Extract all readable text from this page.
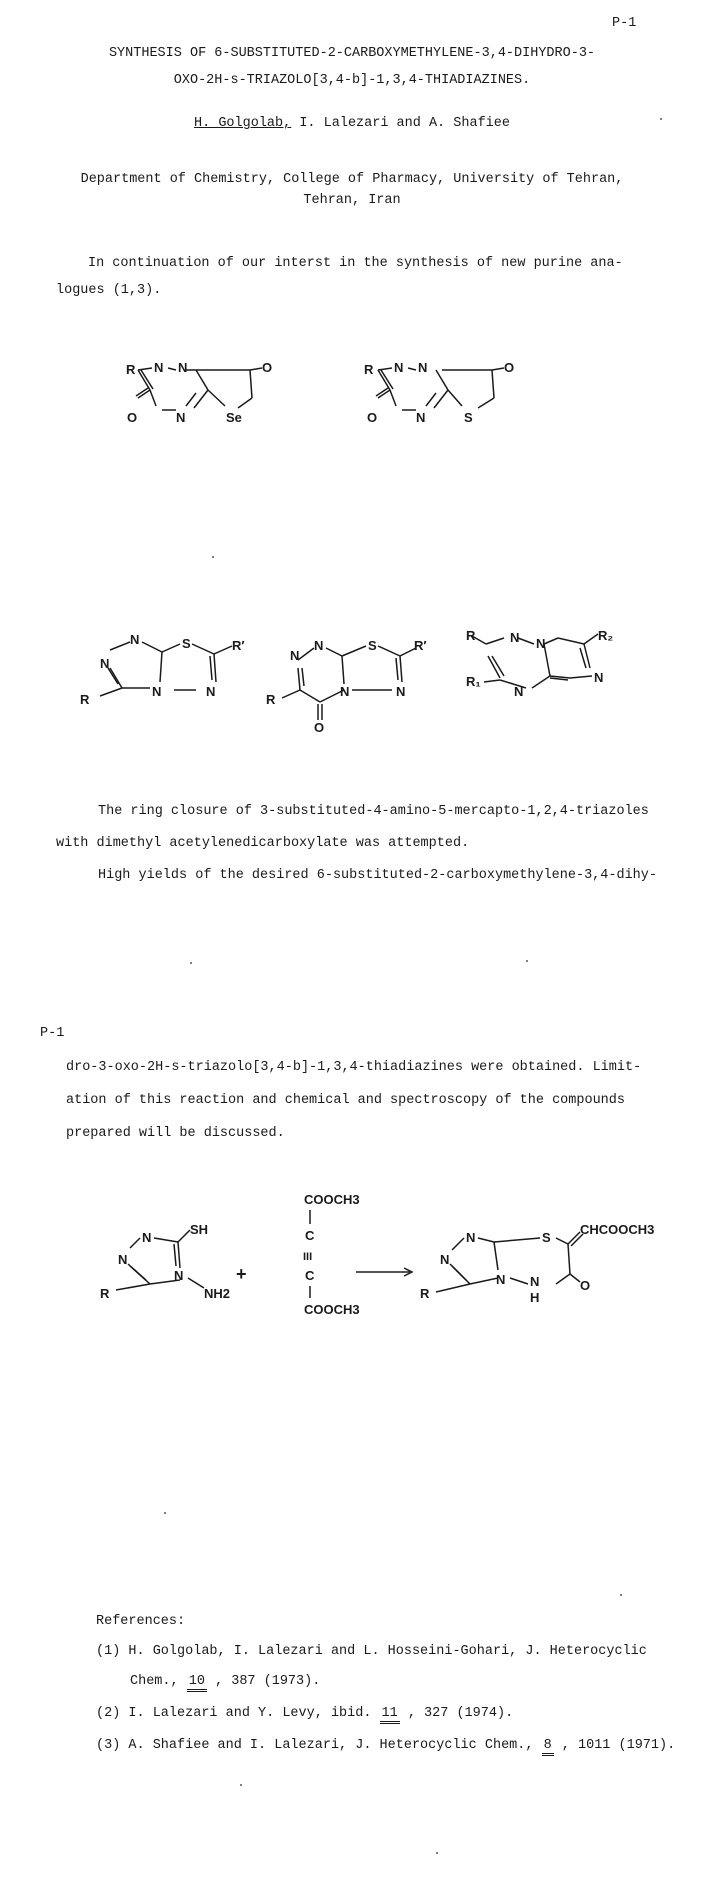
P-1
SYNTHESIS OF 6-SUBSTITUTED-2-CARBOXYMETHYLENE-3,4-DIHYDRO-3-
OXO-2H-s-TRIAZOLO[3,4-b]-1,3,4-THIADIAZINES.
H. Golgolab, I. Lalezari and A. Shafiee
Department of Chemistry, College of Pharmacy, University of Tehran,
Tehran, Iran
In continuation of our interst in the synthesis of new purine ana-
logues (1,3).
R N N
O	N	Se
O	R N N
O	N	S
O
N
N	S	R′
N	N
R
N
N	S	R′
N	N
R
O
R	N N
R₂
R₁	N
N
The ring closure of 3-substituted-4-amino-5-mercapto-1,2,4-triazoles
with dimethyl acetylenedicarboxylate was attempted.
High yields of the desired 6-substituted-2-carboxymethylene-3,4-dihy-
P-1
dro-3-oxo-2H-s-triazolo[3,4-b]-1,3,4-thiadiazines were obtained. Limit-
ation of this reaction and chemical and spectroscopy of the compounds
prepared will be discussed.
N
N
SH
N
NH2
R
+
COOCH3
C
III
C
COOCH3
N
N	S
CHCOOCH3
N N
H
O
R
References:
(1) H. Golgolab, I. Lalezari and L. Hosseini-Gohari, J. Heterocyclic
Chem., 10 , 387 (1973).
(2) I. Lalezari and Y. Levy, ibid. 11 , 327 (1974).
(3) A. Shafiee and I. Lalezari, J. Heterocyclic Chem., 8 , 1011 (1971).
